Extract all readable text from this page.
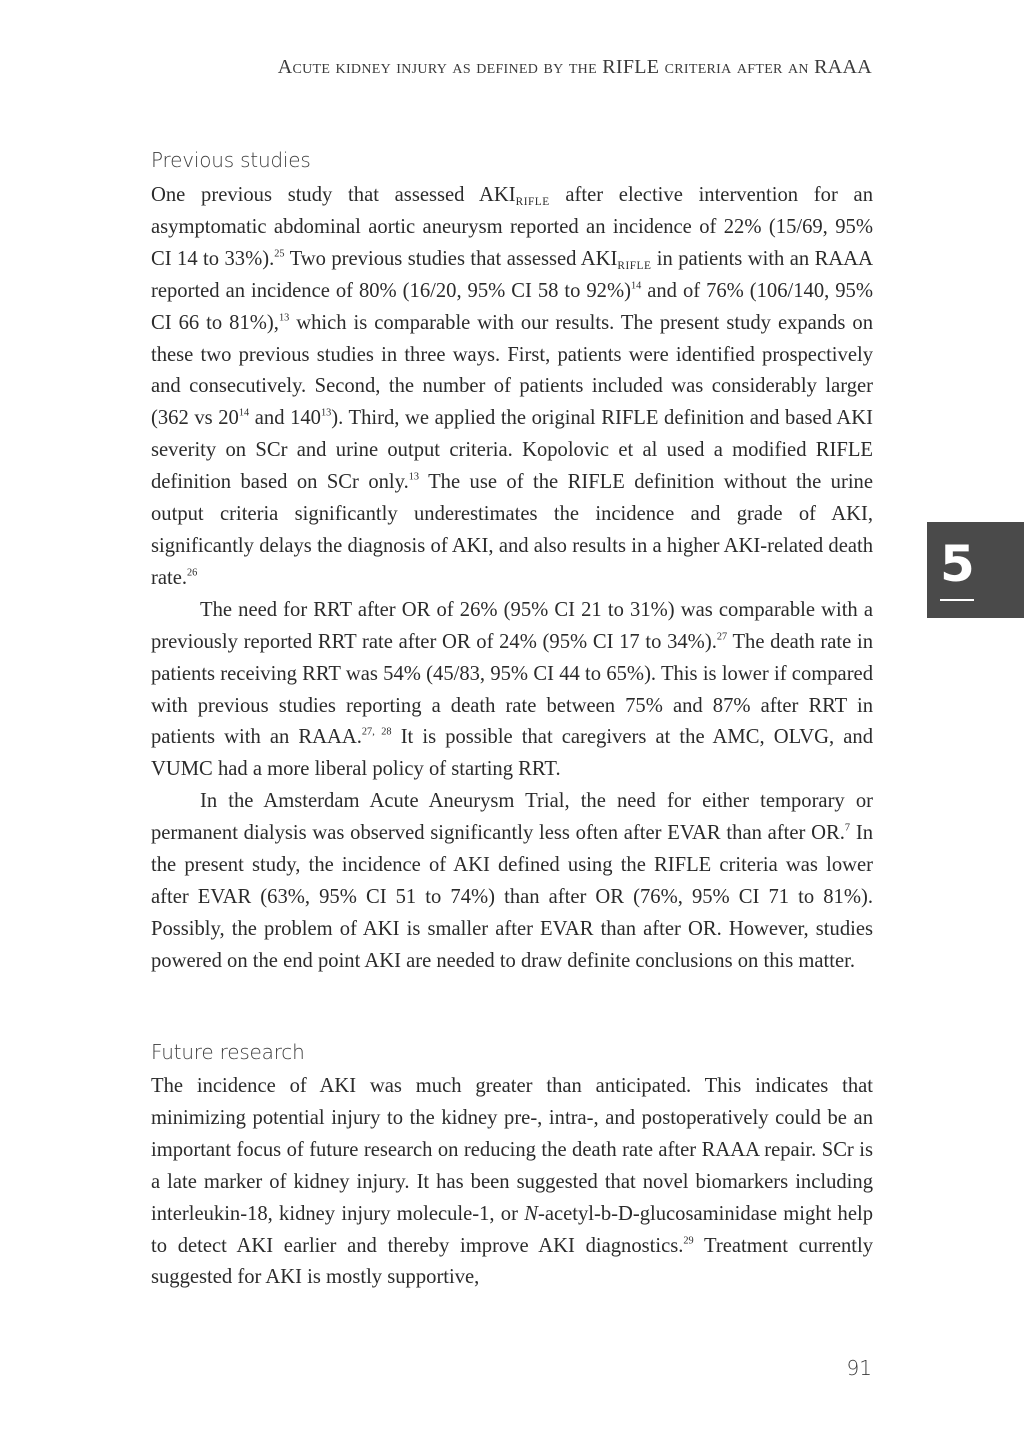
Acute kidney injury as defined by the RIFLE criteria after an RAAA
Previous studies

One previous study that assessed $AKI_{RIFLE}$ after elective intervention for an asymptomatic abdominal aortic aneurysm reported an incidence of 22% (15/69, 95% CI 14 to 33%).$^{25}$ Two previous studies that assessed $AKI_{RIFLE}$ in patients with an RAAA reported an incidence of 80% (16/20, 95% CI 58 to 92%)$^{14}$ and of 76% (106/140, 95% CI 66 to 81%),$^{13}$ which is comparable with our results. The present study expands on these two previous studies in three ways. First, patients were identified prospectively and consecutively. Second, the number of patients included was considerably larger (362 vs $20^{14}$ and $140^{13}$). Third, we applied the original RIFLE definition and based AKI severity on SCr and urine output criteria. Kopolovic et al used a modified RIFLE definition based on SCr only.$^{13}$ The use of the RIFLE definition without the urine output criteria significantly underestimates the incidence and grade of AKI, significantly delays the diagnosis of AKI, and also results in a higher AKI-related death rate.$^{26}$

The need for RRT after OR of 26% (95% CI 21 to 31%) was comparable with a previously reported RRT rate after OR of 24% (95% CI 17 to 34%).$^{27}$ The death rate in patients receiving RRT was 54% (45/83, 95% CI 44 to 65%). This is lower if compared with previous studies reporting a death rate between 75% and 87% after RRT in patients with an RAAA.$^{27, 28}$ It is possible that caregivers at the AMC, OLVG, and VUMC had a more liberal policy of starting RRT.

In the Amsterdam Acute Aneurysm Trial, the need for either temporary or permanent dialysis was observed significantly less often after EVAR than after OR.$^7$ In the present study, the incidence of AKI defined using the RIFLE criteria was lower after EVAR (63%, 95% CI 51 to 74%) than after OR (76%, 95% CI 71 to 81%). Possibly, the problem of AKI is smaller after EVAR than after OR. However, studies powered on the end point AKI are needed to draw definite conclusions on this matter.

Future research

The incidence of AKI was much greater than anticipated. This indicates that minimizing potential injury to the kidney pre-, intra-, and postoperatively could be an important focus of future research on reducing the death rate after RAAA repair. SCr is a late marker of kidney injury. It has been suggested that novel biomarkers including interleukin-18, kidney injury molecule-1, or N-acetyl-b-D-glucosaminidase might help to detect AKI earlier and thereby improve AKI diagnostics.$^{29}$ Treatment currently suggested for AKI is mostly supportive,

5
91
